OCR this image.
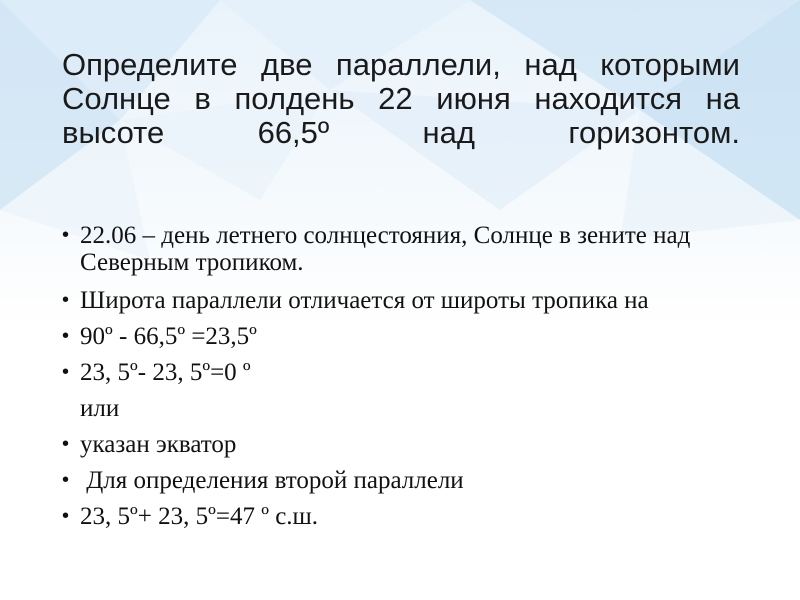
Определите две параллели, над которыми
Солнце в полдень 22 июня находится на
высоте 66,5º над горизонтом.
• 22.06 – день летнего солнцестояния, Солнце в зените над Северным тропиком.
• Широта параллели отличается от широты тропика на
• 90º - 66,5º =23,5º
• 23, 5º- 23, 5º=0 º
или
• указан экватор
• Для определения второй параллели
• 23, 5º+ 23, 5º=47 º с.ш.
